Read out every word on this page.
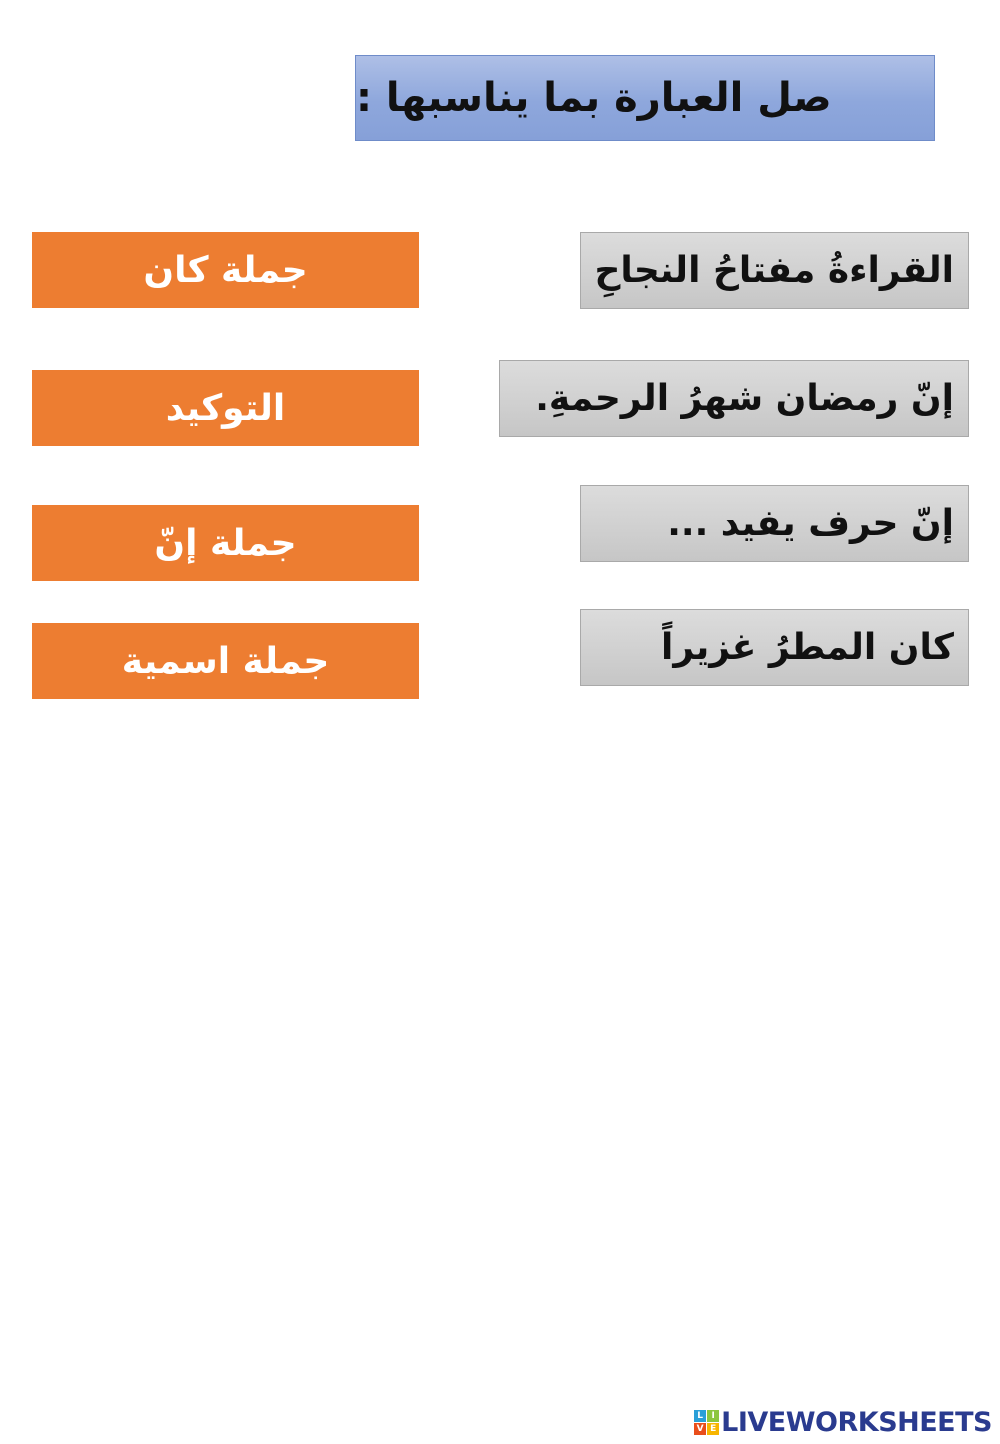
صل العبارة بما يناسبها :
القراءةُ مفتاحُ النجاحِ
إنّ رمضان شهرُ الرحمةِ.
إنّ حرف يفيد ...
كان المطرُ غزيراً
جملة كان
التوكيد
جملة إنّ
جملة اسمية
L I
V E LIVEWORKSHEETS
